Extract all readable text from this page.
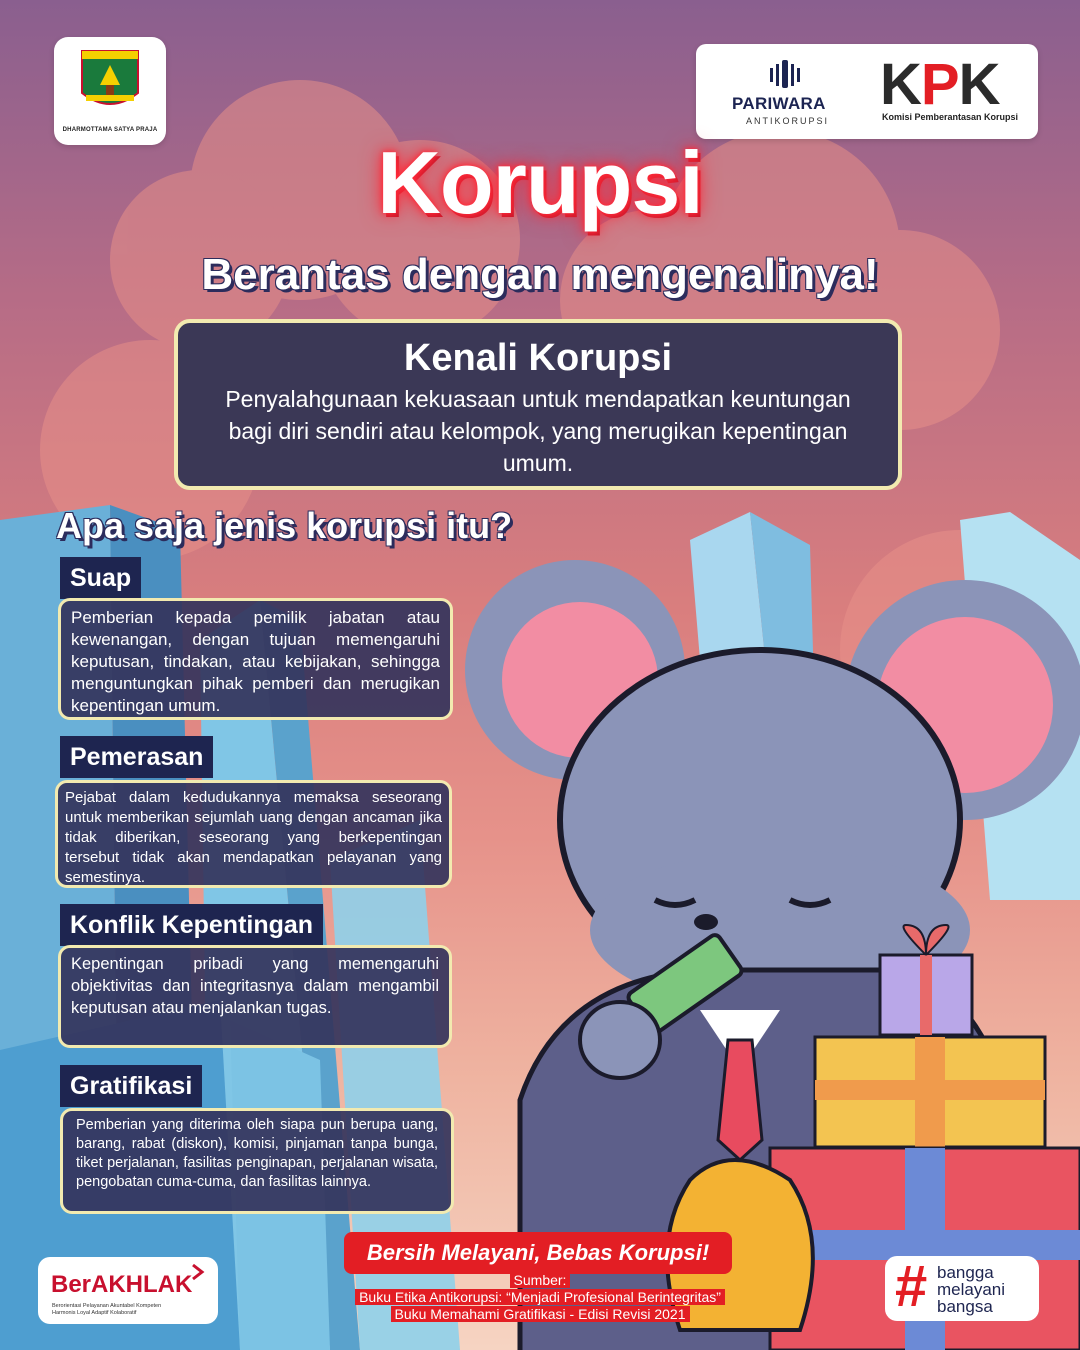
DHARMOTTAMA SATYA PRAJA
PARIWARA
ANTIKORUPSI
KPK
Komisi Pemberantasan Korupsi
Korupsi
Berantas dengan mengenalinya!
Kenali Korupsi
Penyalahgunaan kekuasaan untuk mendapatkan keuntungan bagi diri sendiri atau kelompok, yang merugikan kepentingan umum.
Apa saja jenis korupsi itu?
Suap
Pemberian kepada pemilik jabatan atau kewenangan, dengan tujuan memengaruhi keputusan, tindakan, atau kebijakan, sehingga menguntungkan pihak pemberi dan merugikan kepentingan umum.
Pemerasan
Pejabat dalam kedudukannya memaksa seseorang untuk memberikan sejumlah uang dengan ancaman jika tidak diberikan, seseorang yang berkepentingan tersebut tidak akan mendapatkan pelayanan yang semestinya.
Konflik Kepentingan
Kepentingan pribadi yang memengaruhi objektivitas dan integritasnya dalam mengambil keputusan atau menjalankan tugas.
Gratifikasi
Pemberian yang diterima oleh siapa pun berupa uang, barang, rabat (diskon), komisi, pinjaman tanpa bunga, tiket perjalanan, fasilitas penginapan, perjalanan wisata, pengobatan cuma-cuma, dan fasilitas lainnya.
Bersih Melayani, Bebas Korupsi!
Sumber:
Buku Etika Antikorupsi: “Menjadi Profesional Berintegritas”
Buku Memahami Gratifikasi - Edisi Revisi 2021
BerAKHLAK
Berorientasi Pelayanan Akuntabel Kompeten
Harmonis Loyal Adaptif Kolaboratif	# bangga
melayani
bangsa
